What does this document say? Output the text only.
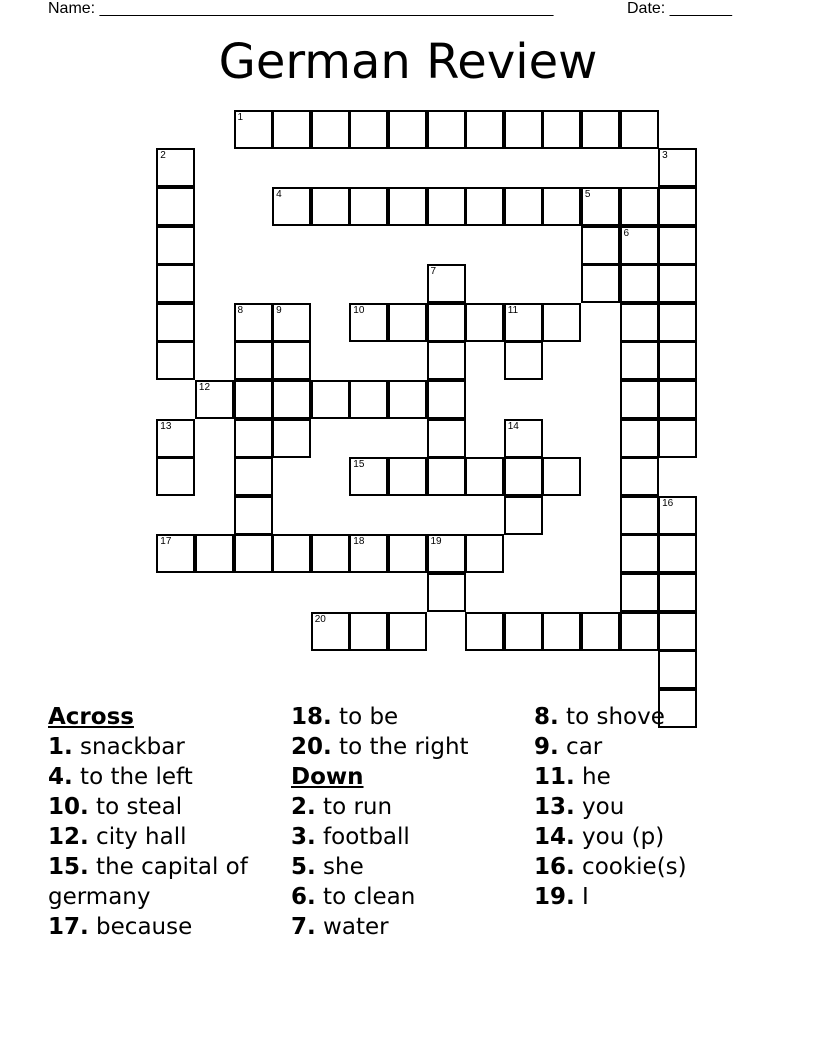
Name: ___________________________________________________	Date: _______
German Review
1
2	3
4	5
6
7
8	9	10	11
12
13	14
15
16
17	18	19
20
Across
1. snackbar
4. to the left
10. to steal
12. city hall
15. the capital of germany
17. because
18. to be
20. to the right
Down
2. to run
3. football
5. she
6. to clean
7. water
8. to shove
9. car
11. he
13. you
14. you (p)
16. cookie(s)
19. I
